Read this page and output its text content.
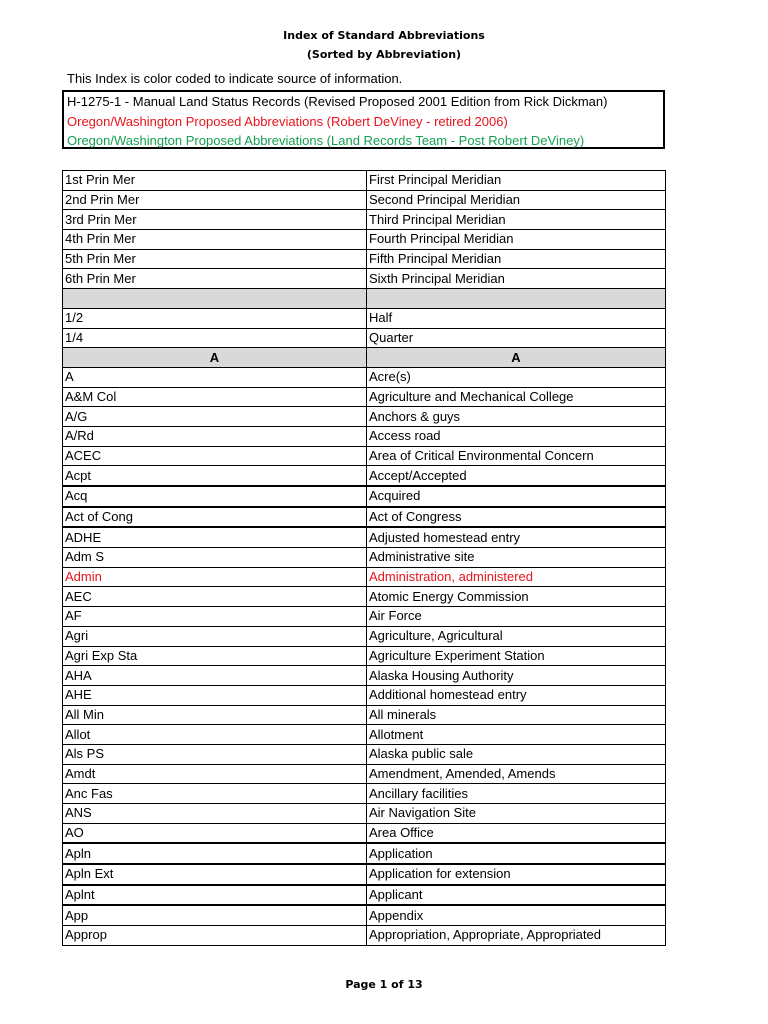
Index of Standard Abbreviations
(Sorted by Abbreviation)
This Index is color coded to indicate source of information.
H-1275-1 - Manual Land Status Records (Revised Proposed 2001 Edition from Rick Dickman)
Oregon/Washington Proposed Abbreviations (Robert DeViney - retired 2006)
Oregon/Washington Proposed Abbreviations (Land Records Team - Post Robert DeViney)
1st Prin Mer	First Principal Meridian
2nd Prin Mer	Second Principal Meridian
3rd Prin Mer	Third Principal Meridian
4th Prin Mer	Fourth Principal Meridian
5th Prin Mer	Fifth Principal Meridian
6th Prin Mer	Sixth Principal Meridian

1/2	Half
1/4	Quarter
A	A
A	Acre(s)
A&M Col	Agriculture and Mechanical College
A/G	Anchors & guys
A/Rd	Access road
ACEC	Area of Critical Environmental Concern
Acpt	Accept/Accepted
Acq	Acquired
Act of Cong	Act of Congress
ADHE	Adjusted homestead entry
Adm S	Administrative site
Admin	Administration, administered
AEC	Atomic Energy Commission
AF	Air Force
Agri	Agriculture, Agricultural
Agri Exp Sta	Agriculture Experiment Station
AHA	Alaska Housing Authority
AHE	Additional homestead entry
All Min	All minerals
Allot	Allotment
Als PS	Alaska public sale
Amdt	Amendment, Amended, Amends
Anc Fas	Ancillary facilities
ANS	Air Navigation Site
AO	Area Office
Apln	Application
Apln Ext	Application for extension
Aplnt	Applicant
App	Appendix
Approp	Appropriation, Appropriate, Appropriated
Page 1 of 13
